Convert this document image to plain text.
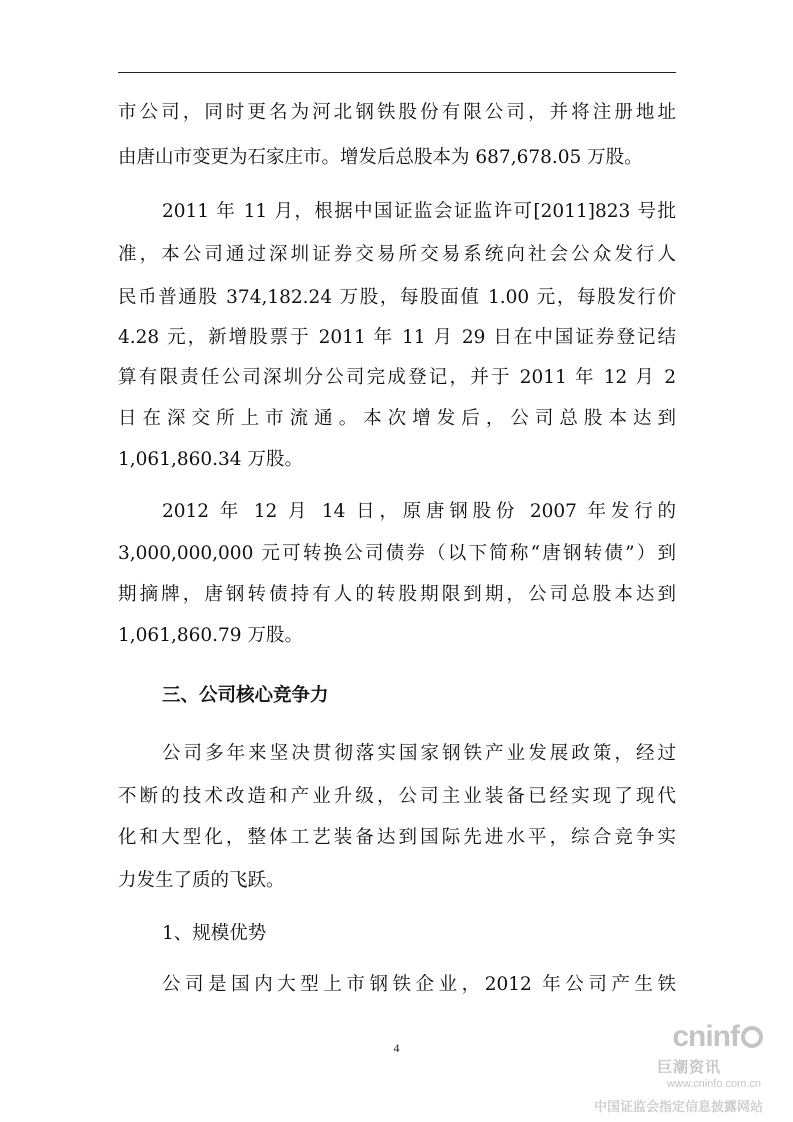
市公司，同时更名为河北钢铁股份有限公司，并将注册地址
由唐山市变更为石家庄市。增发后总股本为 687,678.05 万股。
2011 年 11 月，根据中国证监会证监许可[2011]823 号批
准，本公司通过深圳证券交易所交易系统向社会公众发行人
民币普通股 374,182.24 万股，每股面值 1.00 元，每股发行价
4.28 元，新增股票于 2011 年 11 月 29 日在中国证券登记结
算有限责任公司深圳分公司完成登记，并于 2011 年 12 月 2
日在深交所上市流通。本次增发后，公司总股本达到
1,061,860.34 万股。
2012 年 12 月 14 日，原唐钢股份 2007 年发行的
3,000,000,000 元可转换公司债券（以下简称“唐钢转债”）到
期摘牌，唐钢转债持有人的转股期限到期，公司总股本达到
1,061,860.79 万股。
三、公司核心竞争力
公司多年来坚决贯彻落实国家钢铁产业发展政策，经过
不断的技术改造和产业升级，公司主业装备已经实现了现代
化和大型化，整体工艺装备达到国际先进水平，综合竞争实
力发生了质的飞跃。
1、规模优势
公司是国内大型上市钢铁企业，2012 年公司产生铁
4	cninf
巨潮资讯
www.cninfo.com.cn
中国证监会指定信息披露网站
